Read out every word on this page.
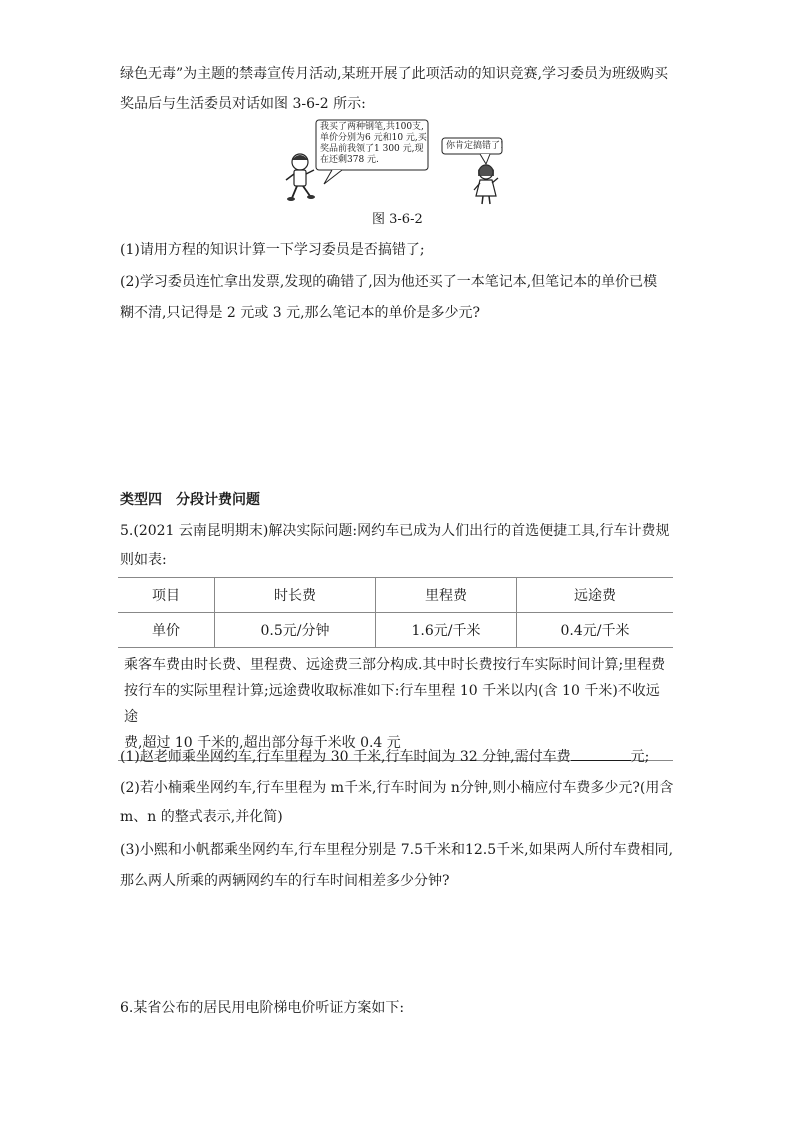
绿色无毒”为主题的禁毒宣传月活动,某班开展了此项活动的知识竞赛,学习委员为班级购买
奖品后与生活委员对话如图 3-6-2 所示:
我买了两种钢笔,共100支,
单价分别为6 元和10 元,买
奖品前我领了1 300 元,现
在还剩378 元.
你肯定搞错了!
图 3-6-2
(1)请用方程的知识计算一下学习委员是否搞错了;
(2)学习委员连忙拿出发票,发现的确错了,因为他还买了一本笔记本,但笔记本的单价已模
糊不清,只记得是 2 元或 3 元,那么笔记本的单价是多少元?
类型四　分段计费问题
5.(2021 云南昆明期末)解决实际问题:网约车已成为人们出行的首选便捷工具,行车计费规
则如表:
项目	时长费	里程费	远途费
单价	0.5元/分钟	1.6元/千米	0.4元/千米

乘客车费由时长费、里程费、远途费三部分构成.其中时长费按行车实际时间计算;里程费
按行车的实际里程计算;远途费收取标准如下:行车里程 10 千米以内(含 10 千米)不收远途
费,超过 10 千米的,超出部分每千米收 0.4 元			
(1)赵老师乘坐网约车,行车里程为 30 千米,行车时间为 32 分钟,需付车费	元;
(2)若小楠乘坐网约车,行车里程为 m千米,行车时间为 n分钟,则小楠应付车费多少元?(用含
m、n 的整式表示,并化简)
(3)小熙和小帆都乘坐网约车,行车里程分别是 7.5千米和12.5千米,如果两人所付车费相同,
那么两人所乘的两辆网约车的行车时间相差多少分钟?
6.某省公布的居民用电阶梯电价听证方案如下:
